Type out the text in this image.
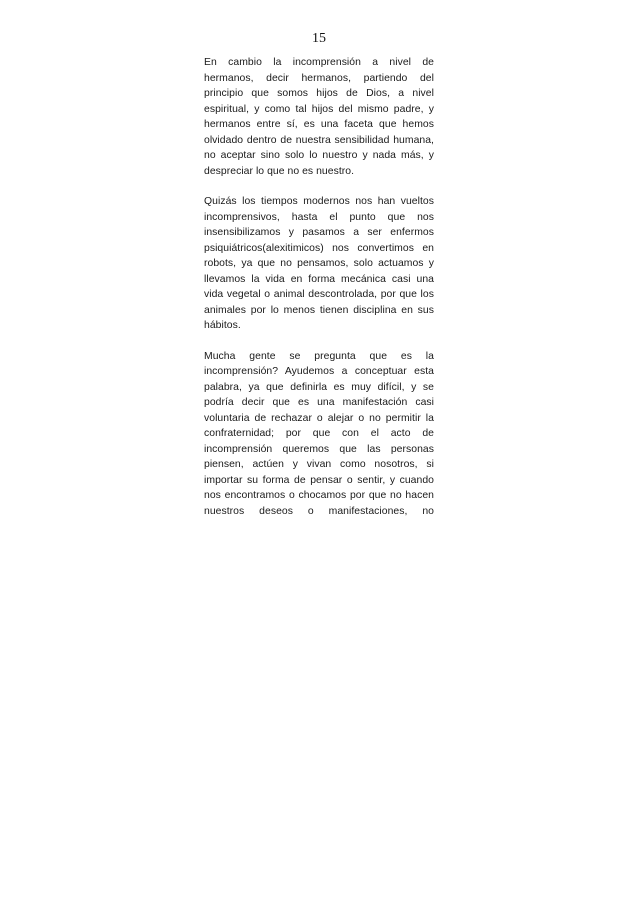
15

En cambio la incomprensión a nivel de hermanos, decir hermanos, partiendo del principio que somos hijos de Dios, a nivel espiritual, y como tal hijos del mismo padre, y hermanos entre sí, es una faceta que hemos olvidado dentro de nuestra sensibilidad humana, no aceptar sino solo lo nuestro y nada más, y despreciar lo que no es nuestro.

Quizás los tiempos modernos nos han vueltos incomprensivos, hasta el punto que nos insensibilizamos y pasamos a ser enfermos psiquiátricos(alexitimicos) nos convertimos en robots, ya que no pensamos, solo actuamos y llevamos la vida en forma mecánica casi una vida vegetal o animal descontrolada, por que los animales por lo menos tienen disciplina en sus hábitos.

Mucha gente se pregunta que es la incomprensión? Ayudemos a conceptuar esta palabra, ya que definirla es muy difícil, y se podría decir que es una manifestación casi voluntaria de rechazar o alejar o no permitir la confraternidad; por que con el acto de incomprensión queremos que las personas piensen, actúen y vivan como nosotros, si importar su forma de pensar o sentir, y cuando nos encontramos o chocamos por que no hacen nuestros deseos o manifestaciones, no
